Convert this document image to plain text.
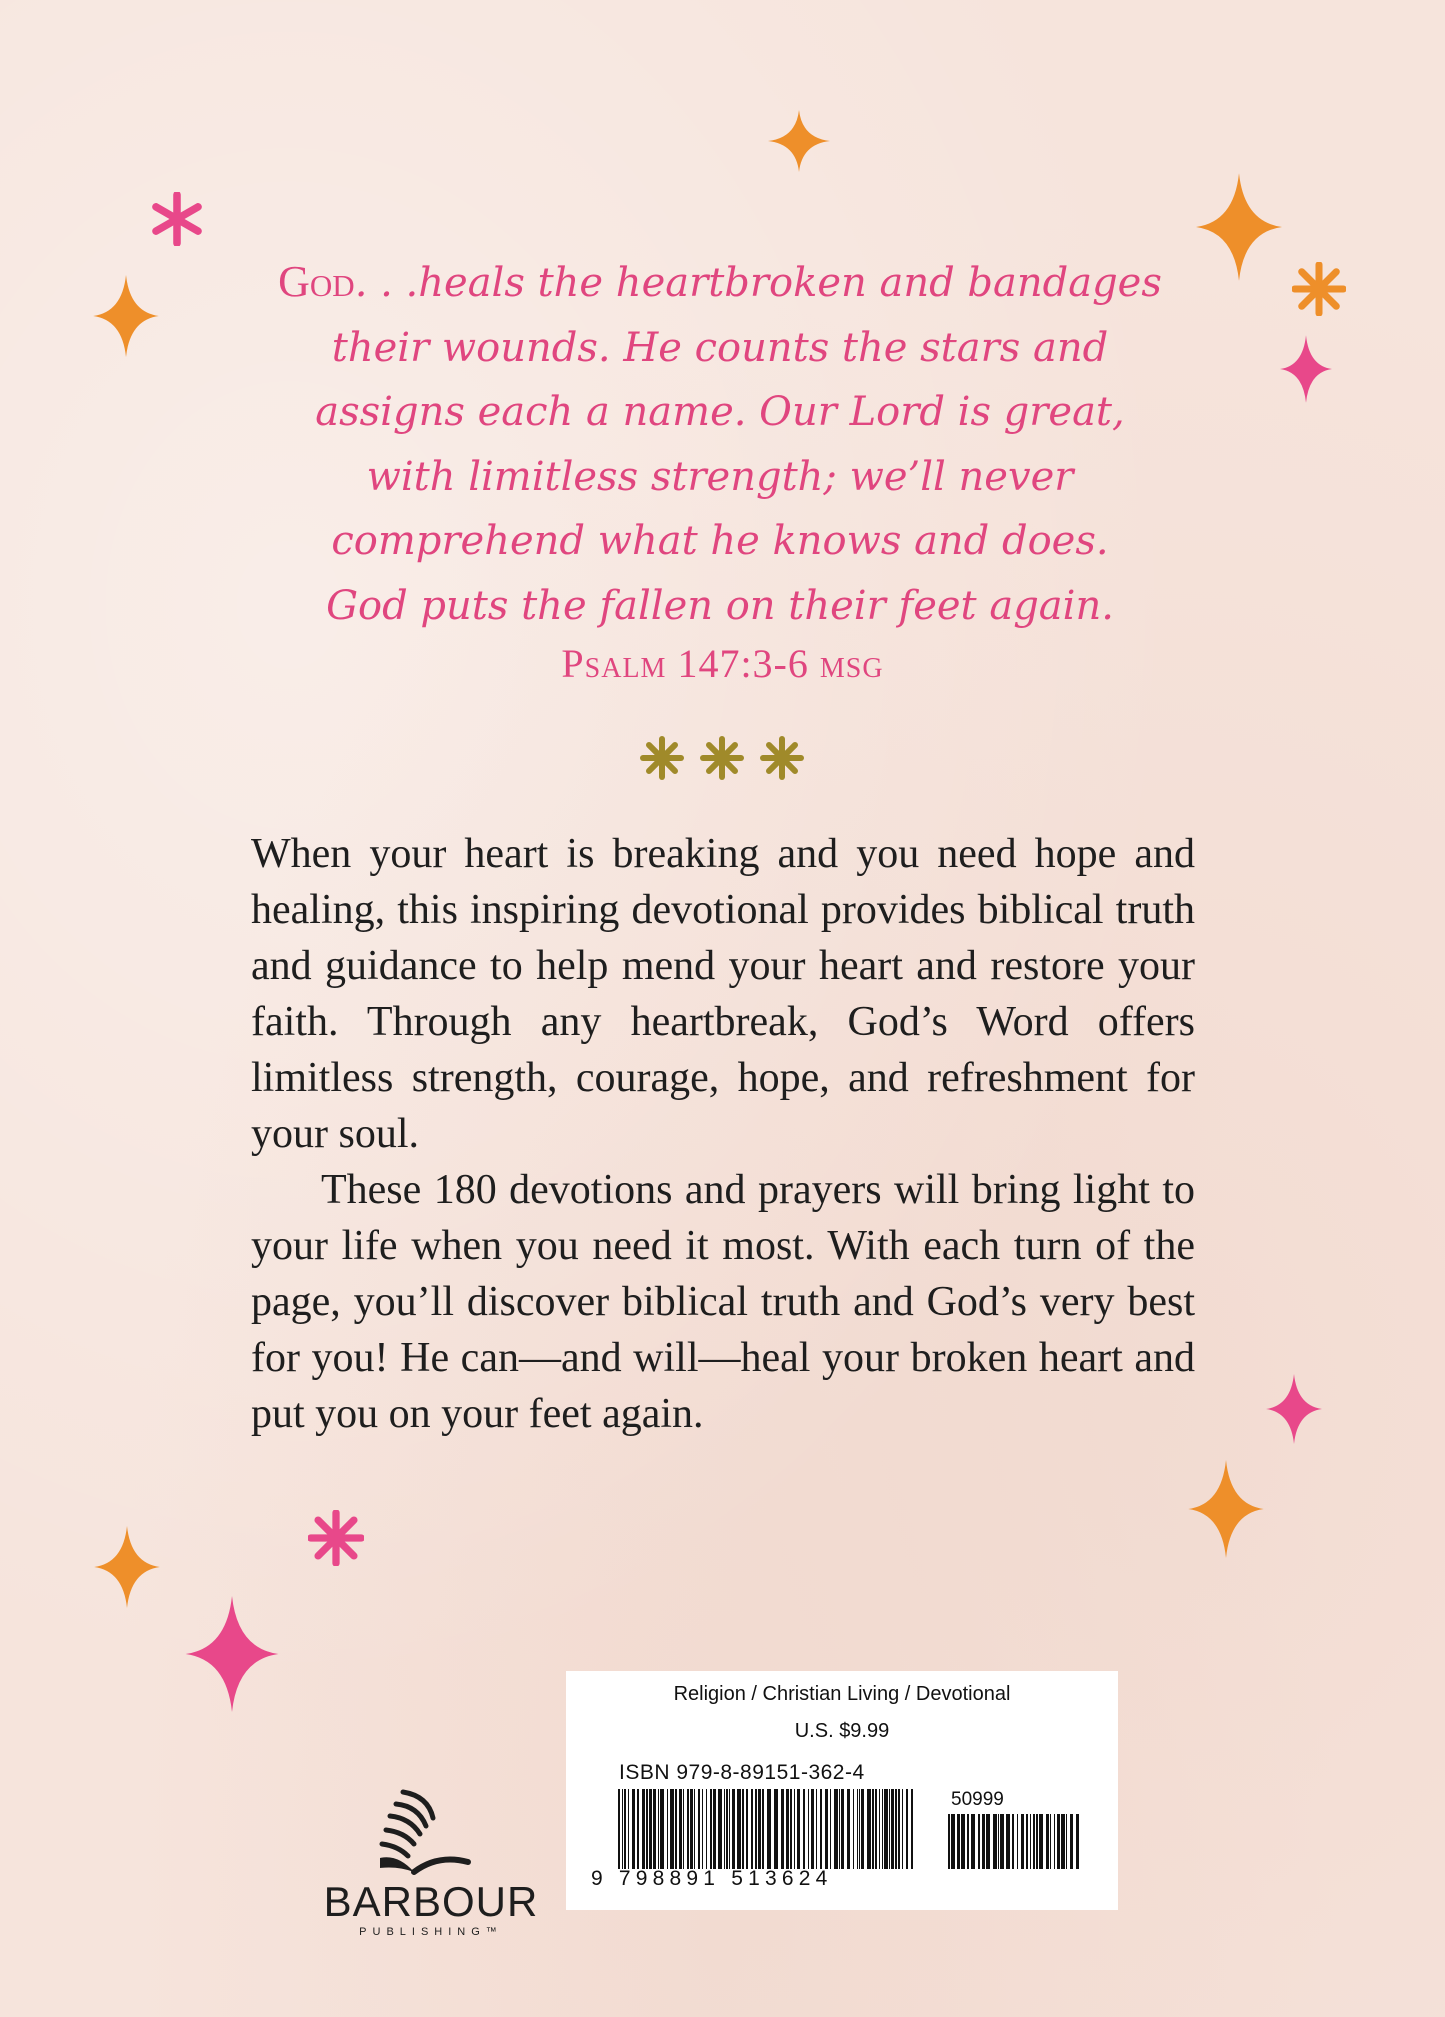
God. . .heals the heartbroken and bandages
their wounds. He counts the stars and
assigns each a name. Our Lord is great,
with limitless strength; we’ll never
comprehend what he knows and does.
God puts the fallen on their feet again.
Psalm 147:3-6 msg

When your heart is breaking and you need hope and healing, this inspiring devotional provides biblical truth and guidance to help mend your heart and restore your faith. Through any heartbreak, God’s Word offers limitless strength, courage, hope, and refreshment for your soul.

These 180 devotions and prayers will bring light to your life when you need it most. With each turn of the page, you’ll discover biblical truth and God’s very best for you! He can—and will—heal your broken heart and put you on your feet again.

BARBOUR
PUBLISHING™
Religion / Christian Living / Devotional
U.S. $9.99
ISBN 979-8-89151-362-4
50999
9 798891 513624
